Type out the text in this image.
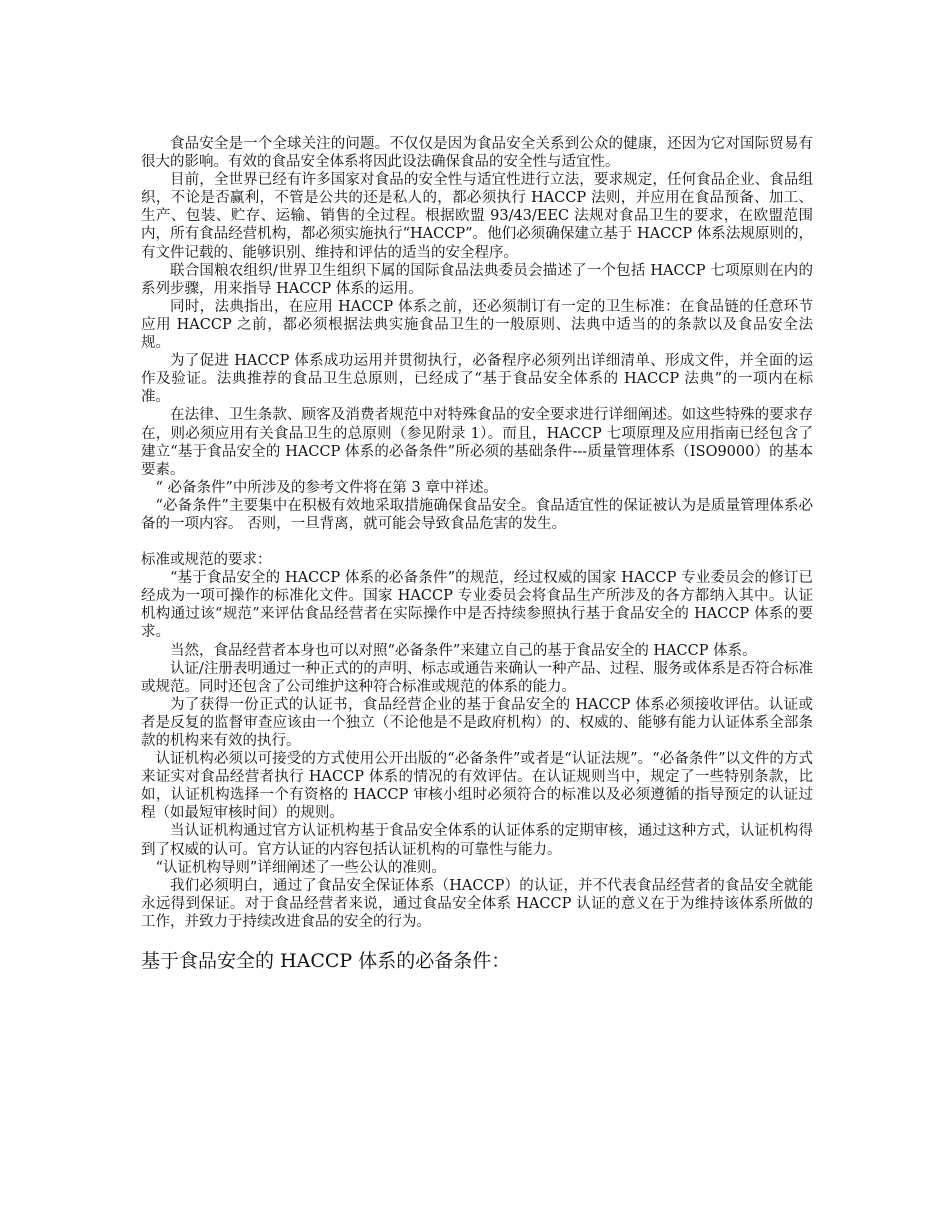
食品安全是一个全球关注的问题。不仅仅是因为食品安全关系到公众的健康，还因为它对国际贸易有很大的影响。有效的食品安全体系将因此设法确保食品的安全性与适宜性。

目前，全世界已经有许多国家对食品的安全性与适宜性进行立法，要求规定，任何食品企业、食品组织，不论是否赢利，不管是公共的还是私人的，都必须执行 HACCP 法则，并应用在食品预备、加工、生产、包装、贮存、运输、销售的全过程。根据欧盟 93/43/EEC 法规对食品卫生的要求，在欧盟范围内，所有食品经营机构，都必须实施执行“HACCP”。他们必须确保建立基于 HACCP 体系法规原则的，有文件记载的、能够识别、维持和评估的适当的安全程序。

联合国粮农组织/世界卫生组织下属的国际食品法典委员会描述了一个包括 HACCP 七项原则在内的系列步骤，用来指导 HACCP 体系的运用。

同时，法典指出，在应用 HACCP 体系之前，还必须制订有一定的卫生标准：在食品链的任意环节应用 HACCP 之前，都必须根据法典实施食品卫生的一般原则、法典中适当的的条款以及食品安全法规。

为了促进 HACCP 体系成功运用并贯彻执行，必备程序必须列出详细清单、形成文件，并全面的运作及验证。法典推荐的食品卫生总原则，已经成了“基于食品安全体系的 HACCP 法典”的一项内在标准。

在法律、卫生条款、顾客及消费者规范中对特殊食品的安全要求进行详细阐述。如这些特殊的要求存在，则必须应用有关食品卫生的总原则（参见附录 1）。而且，HACCP 七项原理及应用指南已经包含了建立“基于食品安全的 HACCP 体系的必备条件”所必须的基础条件---质量管理体系（ISO9000）的基本要素。

“ 必备条件”中所涉及的参考文件将在第 3 章中祥述。

“必备条件”主要集中在积极有效地采取措施确保食品安全。食品适宜性的保证被认为是质量管理体系必备的一项内容。 否则，一旦背离，就可能会导致食品危害的发生。

标准或规范的要求：

“基于食品安全的 HACCP 体系的必备条件”的规范，经过权威的国家 HACCP 专业委员会的修订已经成为一项可操作的标准化文件。国家 HACCP 专业委员会将食品生产所涉及的各方都纳入其中。认证机构通过该“规范”来评估食品经营者在实际操作中是否持续参照执行基于食品安全的 HACCP 体系的要求。

当然，食品经营者本身也可以对照“必备条件”来建立自己的基于食品安全的 HACCP 体系。

认证/注册表明通过一种正式的的声明、标志或通告来确认一种产品、过程、服务或体系是否符合标准或规范。同时还包含了公司维护这种符合标准或规范的体系的能力。

为了获得一份正式的认证书，食品经营企业的基于食品安全的 HACCP 体系必须接收评估。认证或者是反复的监督审查应该由一个独立（不论他是不是政府机构）的、权威的、能够有能力认证体系全部条款的机构来有效的执行。

认证机构必须以可接受的方式使用公开出版的“必备条件”或者是“认证法规”。“必备条件”以文件的方式来证实对食品经营者执行 HACCP 体系的情况的有效评估。在认证规则当中，规定了一些特别条款，比如，认证机构选择一个有资格的 HACCP 审核小组时必须符合的标准以及必须遵循的指导预定的认证过程（如最短审核时间）的规则。

当认证机构通过官方认证机构基于食品安全体系的认证体系的定期审核，通过这种方式，认证机构得到了权威的认可。官方认证的内容包括认证机构的可靠性与能力。

“认证机构导则”详细阐述了一些公认的准则。

我们必须明白，通过了食品安全保证体系（HACCP）的认证，并不代表食品经营者的食品安全就能永远得到保证。对于食品经营者来说，通过食品安全体系 HACCP 认证的意义在于为维持该体系所做的工作，并致力于持续改进食品的安全的行为。

基于食品安全的 HACCP 体系的必备条件：
